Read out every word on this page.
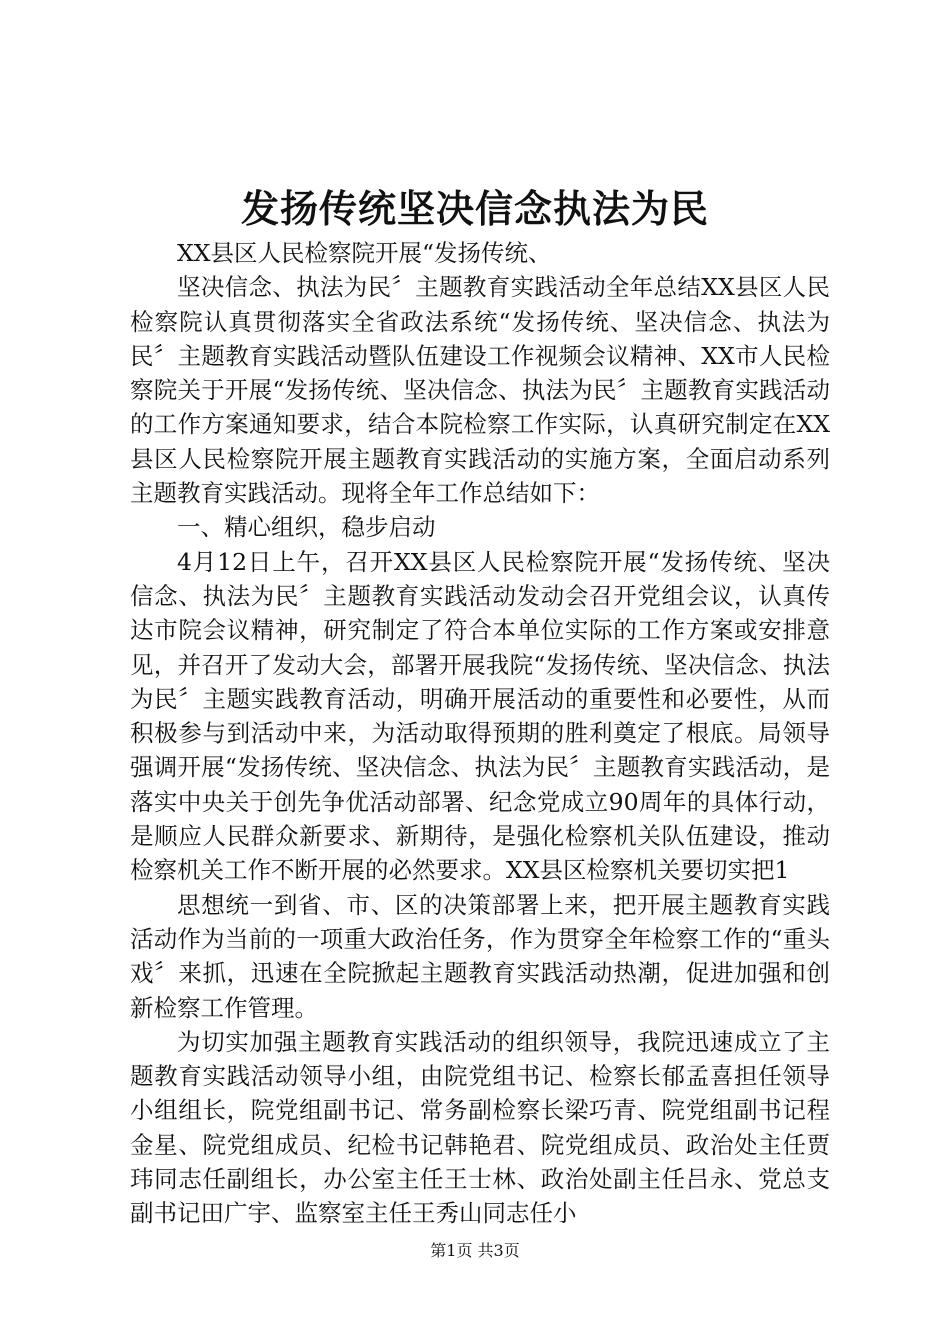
发扬传统坚决信念执法为民

XX县区人民检察院开展“发扬传统、

坚决信念、执法为民〞主题教育实践活动全年总结XX县区人民检察院认真贯彻落实全省政法系统“发扬传统、坚决信念、执法为民〞主题教育实践活动暨队伍建设工作视频会议精神、XX市人民检察院关于开展“发扬传统、坚决信念、执法为民〞主题教育实践活动的工作方案通知要求，结合本院检察工作实际，认真研究制定在XX县区人民检察院开展主题教育实践活动的实施方案，全面启动系列主题教育实践活动。现将全年工作总结如下：

一、精心组织，稳步启动

4月12日上午，召开XX县区人民检察院开展“发扬传统、坚决信念、执法为民〞主题教育实践活动发动会召开党组会议，认真传达市院会议精神，研究制定了符合本单位实际的工作方案或安排意见，并召开了发动大会，部署开展我院“发扬传统、坚决信念、执法为民〞主题实践教育活动，明确开展活动的重要性和必要性，从而积极参与到活动中来，为活动取得预期的胜利奠定了根底。局领导强调开展“发扬传统、坚决信念、执法为民〞主题教育实践活动，是落实中央关于创先争优活动部署、纪念党成立90周年的具体行动，是顺应人民群众新要求、新期待，是强化检察机关队伍建设，推动检察机关工作不断开展的必然要求。XX县区检察机关要切实把1

思想统一到省、市、区的决策部署上来，把开展主题教育实践活动作为当前的一项重大政治任务，作为贯穿全年检察工作的“重头戏〞来抓，迅速在全院掀起主题教育实践活动热潮，促进加强和创新检察工作管理。

为切实加强主题教育实践活动的组织领导，我院迅速成立了主题教育实践活动领导小组，由院党组书记、检察长郁孟喜担任领导小组组长，院党组副书记、常务副检察长梁巧青、院党组副书记程金星、院党组成员、纪检书记韩艳君、院党组成员、政治处主任贾玮同志任副组长，办公室主任王士林、政治处副主任吕永、党总支副书记田广宇、监察室主任王秀山同志任小

第1页 共3页
